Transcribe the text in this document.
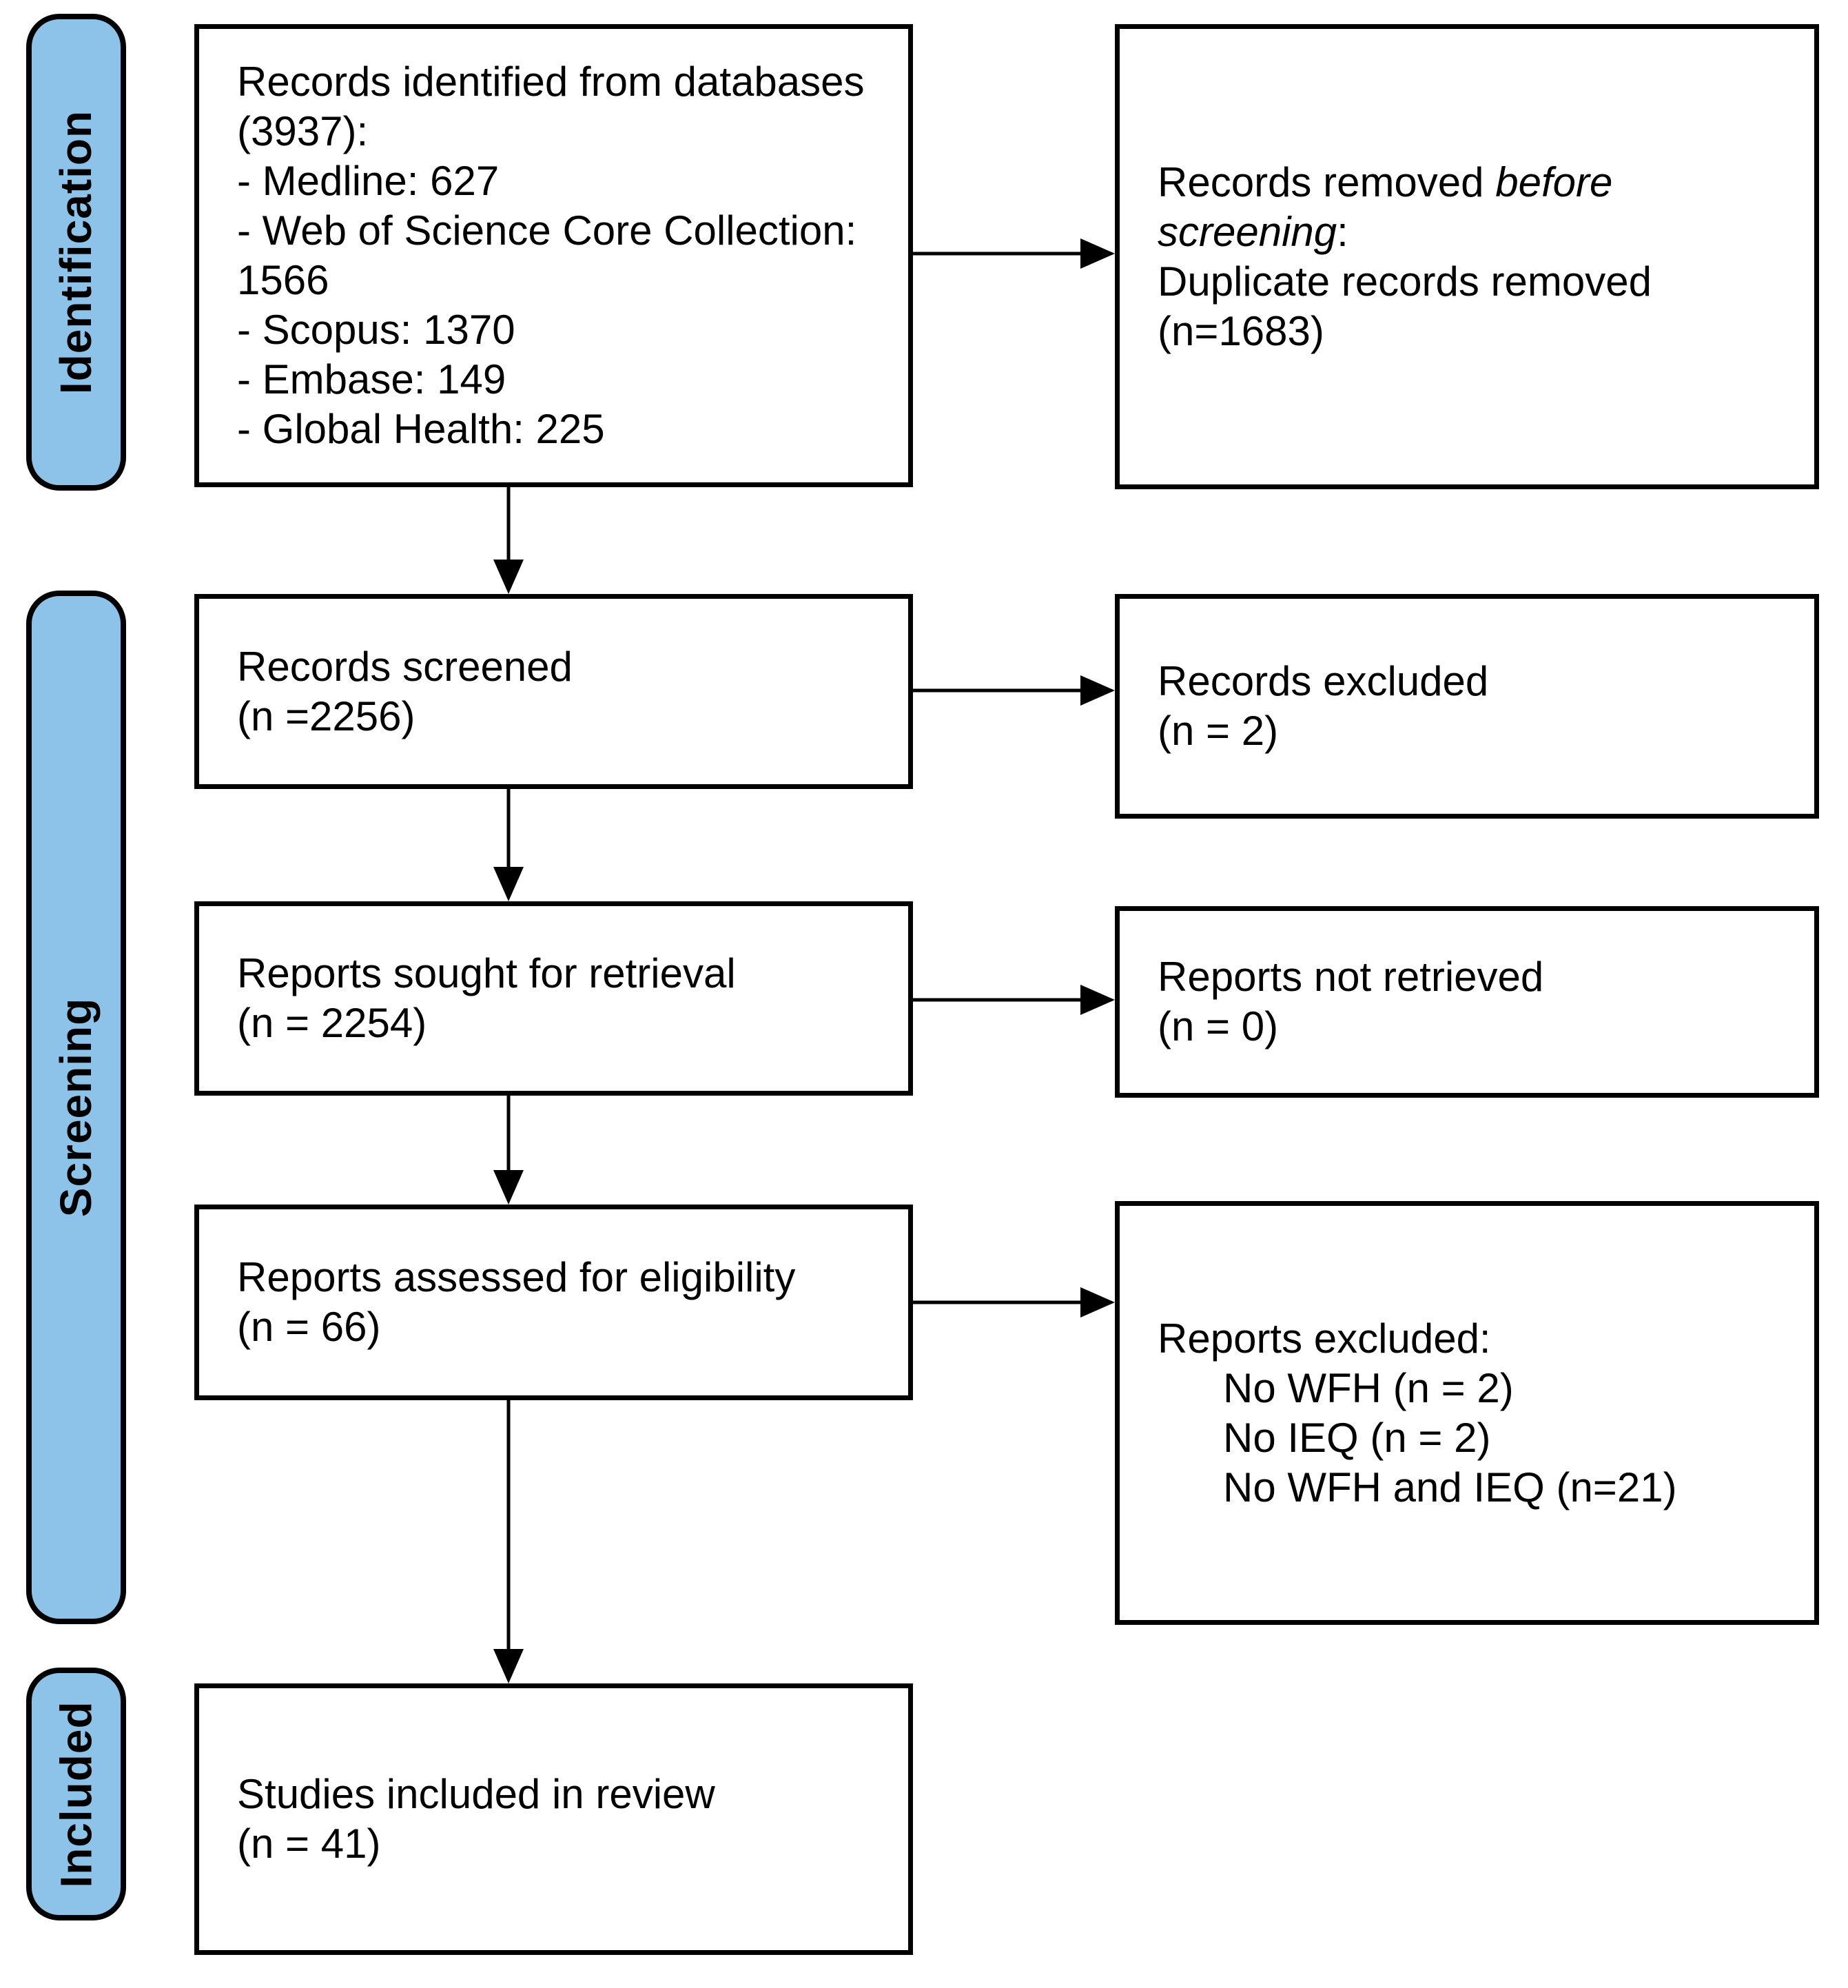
Identification
Screening
Included
Records identified from databases
(3937):
- Medline: 627
- Web of Science Core Collection:
1566
- Scopus: 1370
- Embase: 149
- Global Health: 225
Records screened
(n =2256)
Reports sought for retrieval
(n = 2254)
Reports assessed for eligibility
(n = 66)
Studies included in review
(n = 41)
Records removed before
screening:
Duplicate records removed
(n=1683)
Records excluded
(n = 2)
Reports not retrieved
(n = 0)
Reports excluded:
No WFH (n = 2)
No IEQ (n = 2)
No WFH and IEQ (n=21)
